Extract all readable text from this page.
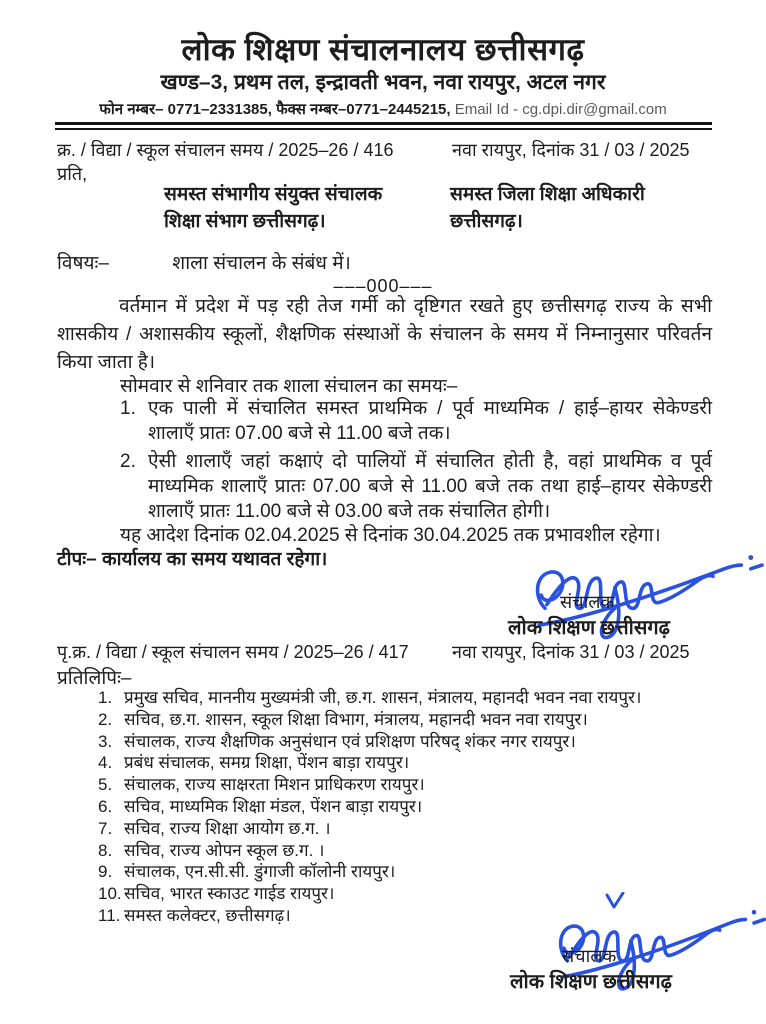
लोक शिक्षण संचालनालय छत्तीसगढ़
खण्ड–3, प्रथम तल, इन्द्रावती भवन, नवा रायपुर, अटल नगर
फोन नम्बर– 0771–2331385, फैक्स नम्बर–0771–2445215, Email Id - cg.dpi.dir@gmail.com
क्र. / विद्या / स्कूल संचालन समय / 2025–26 / 416	नवा रायपुर, दिनांक 31 / 03 / 2025
प्रति,
समस्त संभागीय संयुक्त संचालक
शिक्षा संभाग छत्तीसगढ़।
समस्त जिला शिक्षा अधिकारी
छत्तीसगढ़।
विषयः–	शाला संचालन के संबंध में।
–––000–––
वर्तमान में प्रदेश में पड़ रही तेज गर्मी को दृष्टिगत रखते हुए छत्तीसगढ़ राज्य के सभी शासकीय / अशासकीय स्कूलों, शैक्षणिक संस्थाओं के संचालन के समय में निम्नानुसार परिवर्तन किया जाता है।
सोमवार से शनिवार तक शाला संचालन का समयः–
1. एक पाली में संचालित समस्त प्राथमिक / पूर्व माध्यमिक / हाई–हायर सेकेण्डरी शालाएँ प्रातः 07.00 बजे से 11.00 बजे तक।
2. ऐसी शालाएँ जहां कक्षाएं दो पालियों में संचालित होती है, वहां प्राथमिक व पूर्व माध्यमिक शालाएँ प्रातः 07.00 बजे से 11.00 बजे तक तथा हाई–हायर सेकेण्डरी शालाएँ प्रातः 11.00 बजे से 03.00 बजे तक संचालित होगी।
यह आदेश दिनांक 02.04.2025 से दिनांक 30.04.2025 तक प्रभावशील रहेगा।
टीपः– कार्यालय का समय यथावत रहेगा।
संचालक
लोक शिक्षण छत्तीसगढ़
पृ.क्र. / विद्या / स्कूल संचालन समय / 2025–26 / 417 नवा रायपुर, दिनांक 31 / 03 / 2025
प्रतिलिपिः–
1. प्रमुख सचिव, माननीय मुख्यमंत्री जी, छ.ग. शासन, मंत्रालय, महानदी भवन नवा रायपुर।
2. सचिव, छ.ग. शासन, स्कूल शिक्षा विभाग, मंत्रालय, महानदी भवन नवा रायपुर।
3. संचालक, राज्य शैक्षणिक अनुसंधान एवं प्रशिक्षण परिषद् शंकर नगर रायपुर।
4. प्रबंध संचालक, समग्र शिक्षा, पेंशन बाड़ा रायपुर।
5. संचालक, राज्य साक्षरता मिशन प्राधिकरण रायपुर।
6. सचिव, माध्यमिक शिक्षा मंडल, पेंशन बाड़ा रायपुर।
7. सचिव, राज्य शिक्षा आयोग छ.ग. ।
8. सचिव, राज्य ओपन स्कूल छ.ग. ।
9. संचालक, एन.सी.सी. डुंगाजी कॉलोनी रायपुर।
10. सचिव, भारत स्काउट गाईड रायपुर।
11. समस्त कलेक्टर, छत्तीसगढ़।
संचालक
लोक शिक्षण छत्तीसगढ़
